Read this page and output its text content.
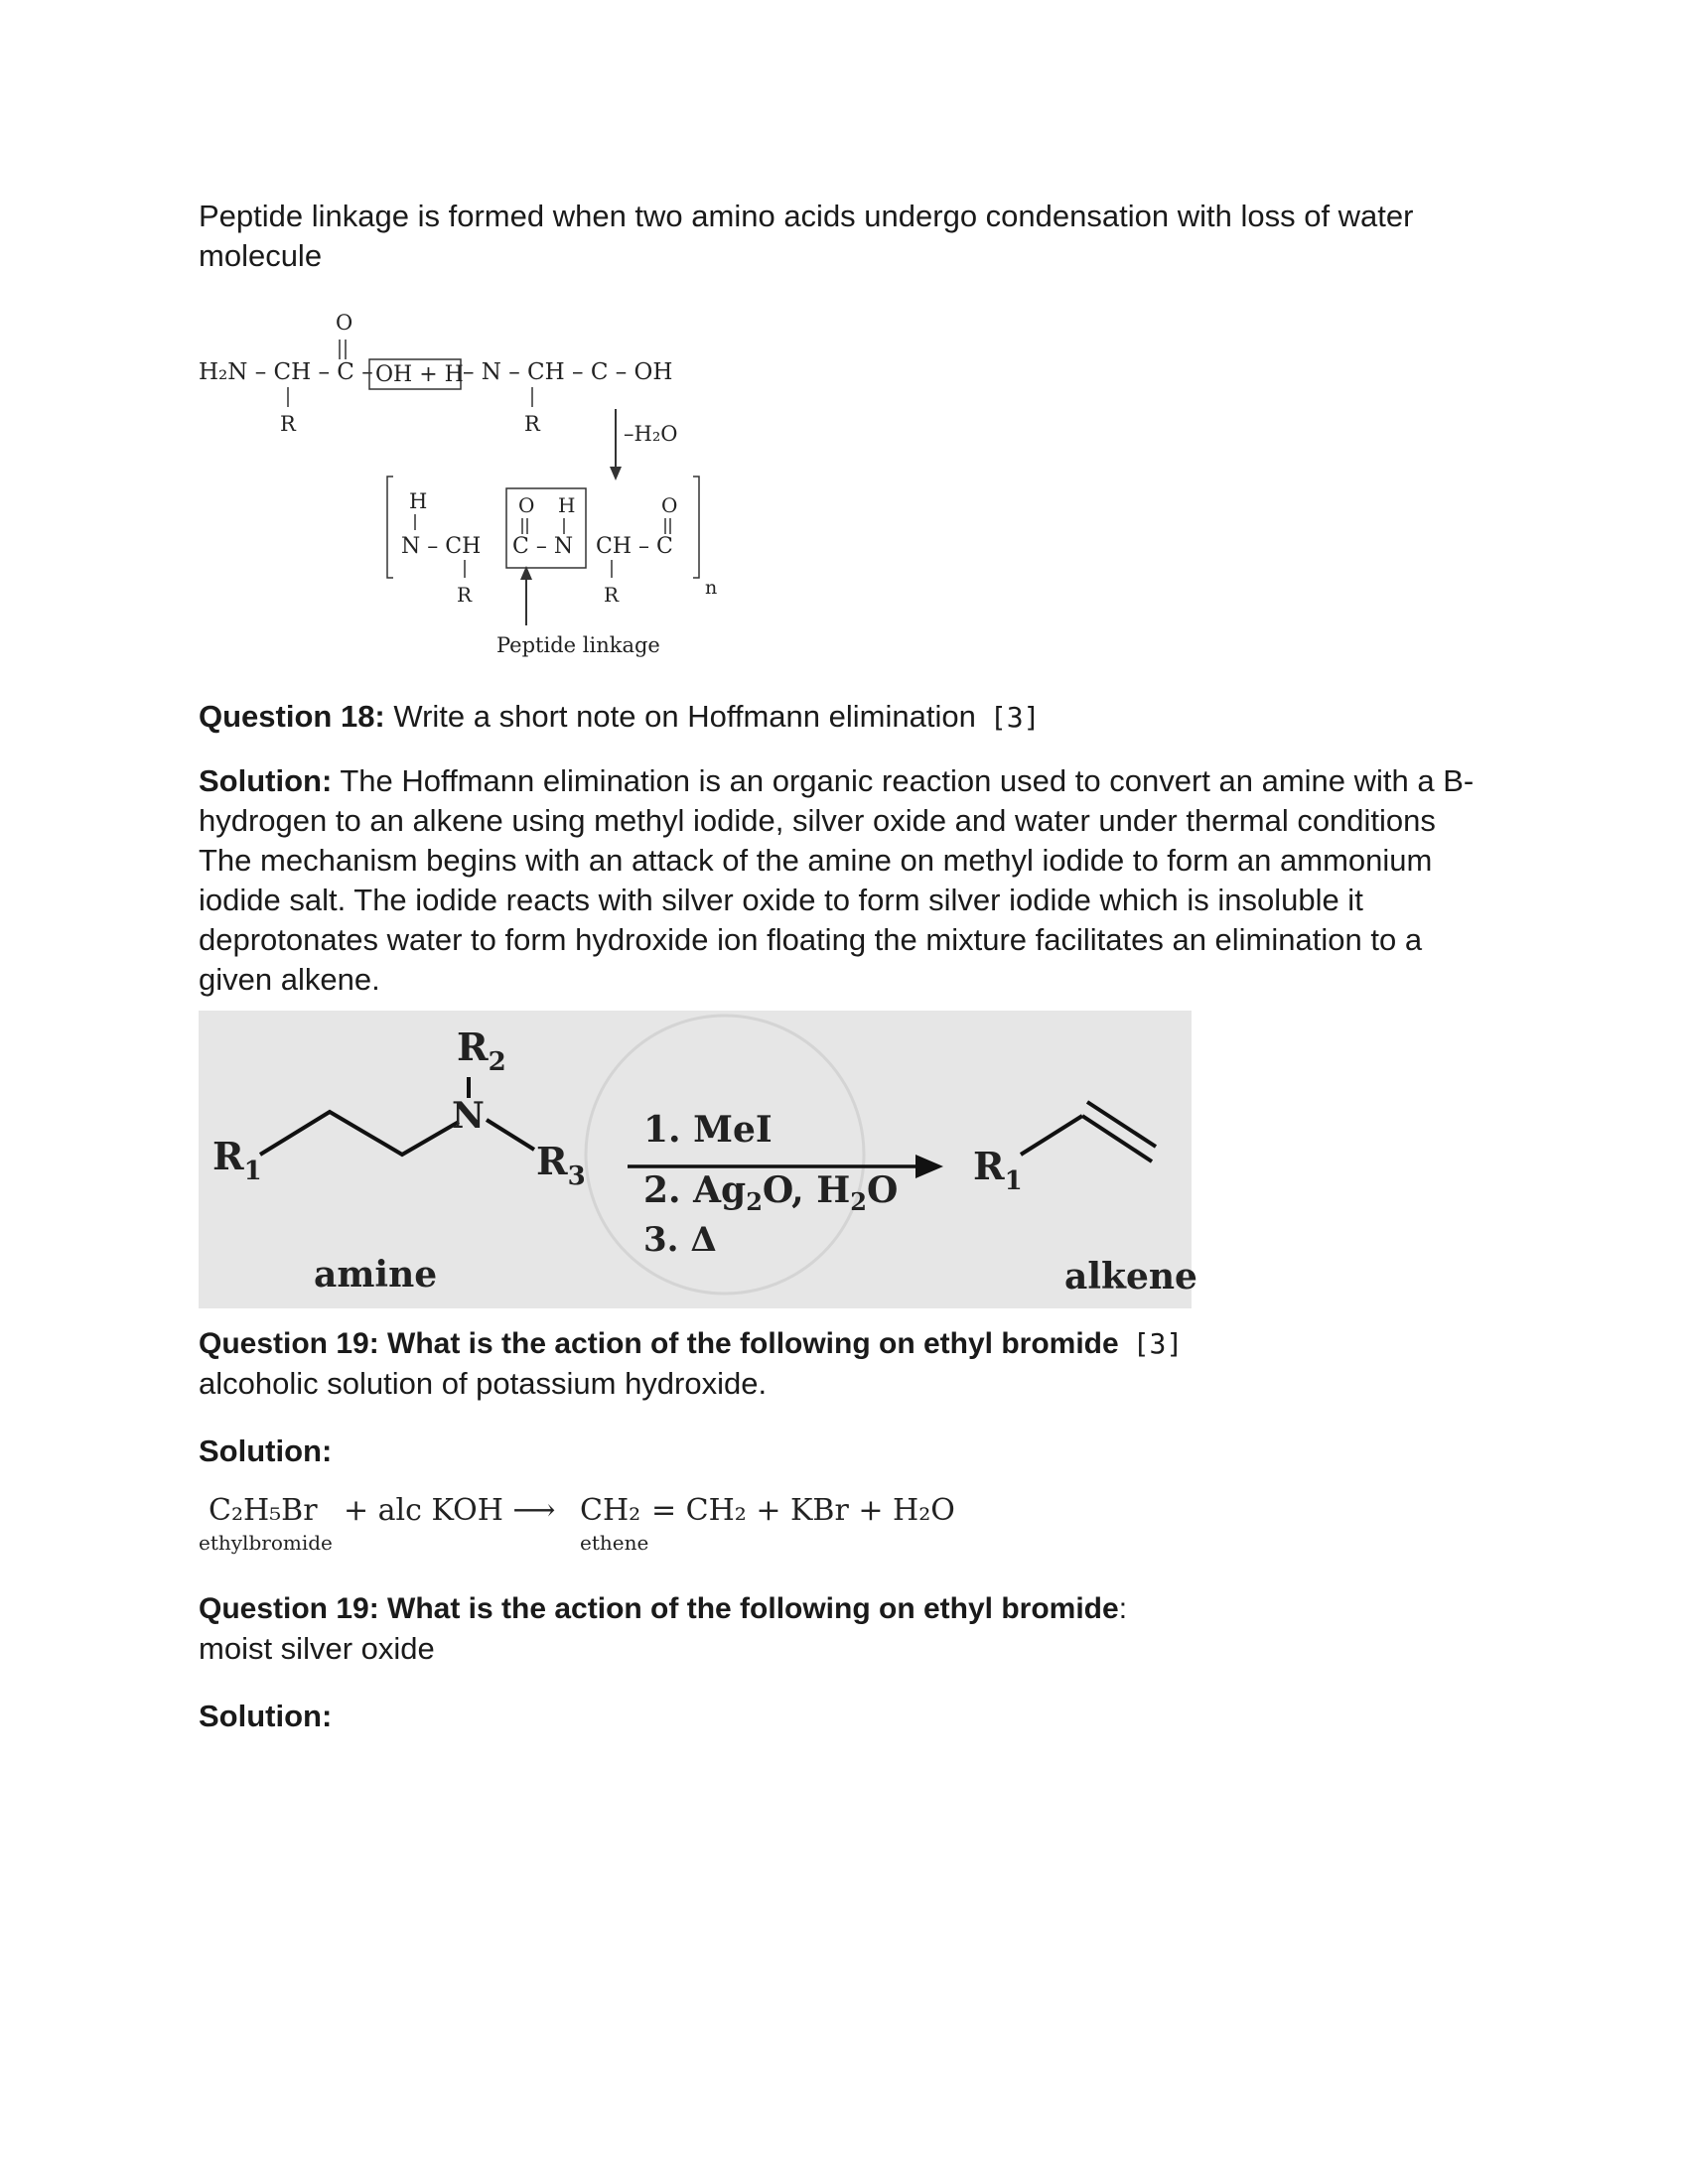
Peptide linkage is formed when two amino acids undergo condensation with loss of water molecule

H₂N – CH – C – OH + H – N – CH – C – OH
O
R	R	–H₂O
n
H
N – CH
O H
C – N CH – C
O
R	R
Peptide linkage

Question 18: Write a short note on Hoffmann elimination [3]

Solution: The Hoffmann elimination is an organic reaction used to convert an amine with a B-hydrogen to an alkene using methyl iodide, silver oxide and water under thermal conditions The mechanism begins with an attack of the amine on methyl iodide to form an ammonium iodide salt. The iodide reacts with silver oxide to form silver iodide which is insoluble it deprotonates water to form hydroxide ion floating the mixture facilitates an elimination to a given alkene.

$R_1$
N
$R_2$
$R_3$
1. MeI
2. $Ag_2O$, $H_2O$
3. Δ
$R_1$
amine	alkene

Question 19: What is the action of the following on ethyl bromide [3]
alcoholic solution of potassium hydroxide.

Solution:

C₂H₅Br
ethylbromide
+ alc KOH ⟶ CH₂
ethene
= CH₂ + KBr + H₂O

Question 19: What is the action of the following on ethyl bromide:
moist silver oxide

Solution:
